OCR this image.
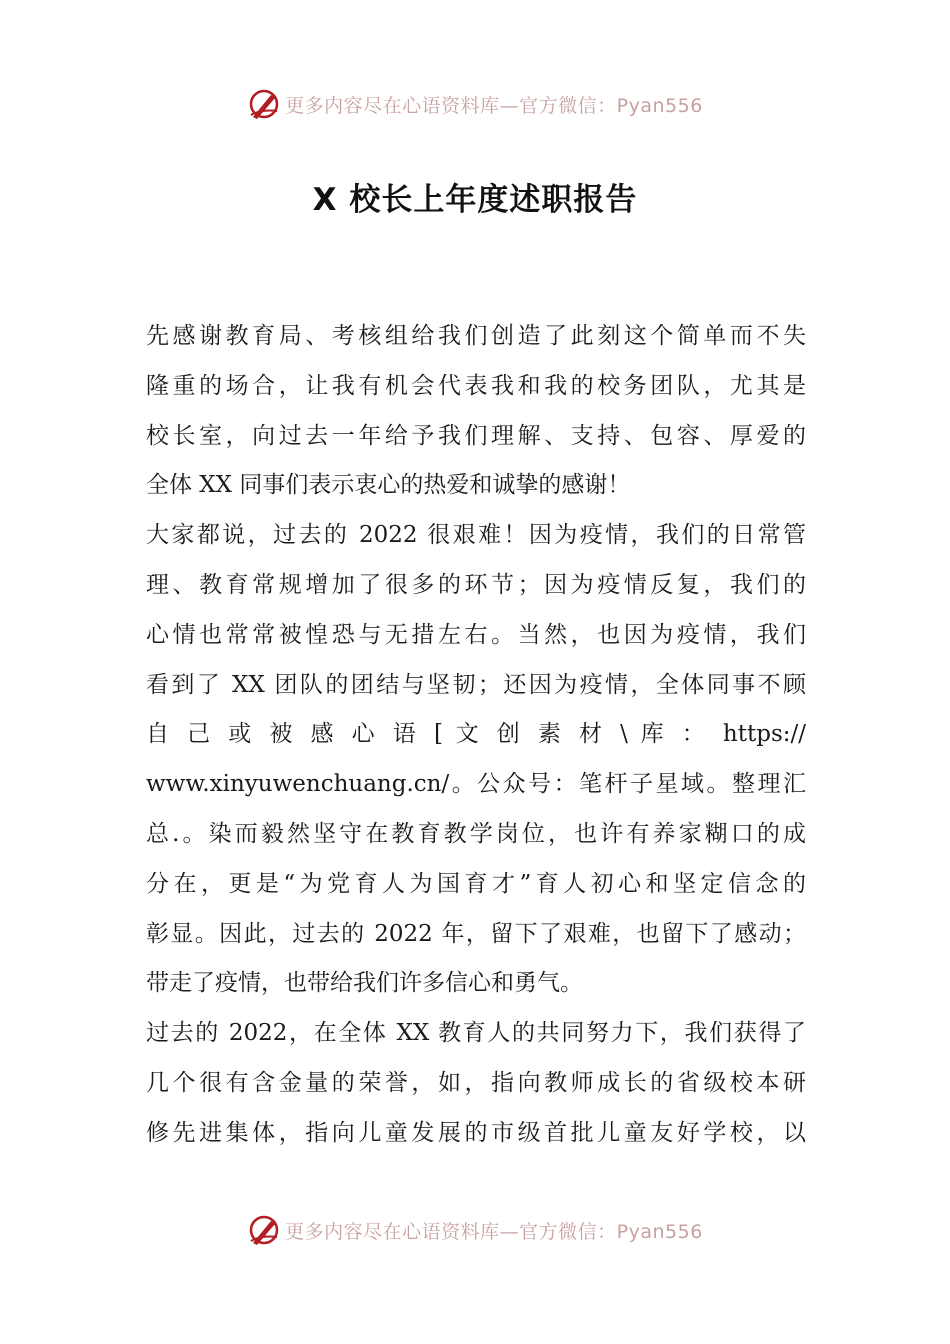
更多内容尽在心语资料库—官方微信：Pyan556
X 校长上年度述职报告
先感谢教育局、考核组给我们创造了此刻这个简单而不失
隆重的场合，让我有机会代表我和我的校务团队，尤其是
校长室，向过去一年给予我们理解、支持、包容、厚爱的
全体 XX 同事们表示衷心的热爱和诚挚的感谢！
大家都说，过去的 2022 很艰难！因为疫情，我们的日常管
理、教育常规增加了很多的环节；因为疫情反复，我们的
心情也常常被惶恐与无措左右。当然，也因为疫情，我们
看到了 XX 团队的团结与坚韧；还因为疫情，全体同事不顾
自 己 或 被 感 心 语 [ 文 创 素 材 \ 库 ： https://
www.xinyuwenchuang.cn/。公众号：笔杆子星域。整理汇
总.。染而毅然坚守在教育教学岗位，也许有养家糊口的成
分在，更是“为党育人为国育才”育人初心和坚定信念的
彰显。因此，过去的 2022 年，留下了艰难，也留下了感动；
带走了疫情，也带给我们许多信心和勇气。
过去的 2022，在全体 XX 教育人的共同努力下，我们获得了
几个很有含金量的荣誉，如，指向教师成长的省级校本研
修先进集体，指向儿童发展的市级首批儿童友好学校，以
更多内容尽在心语资料库—官方微信：Pyan556
